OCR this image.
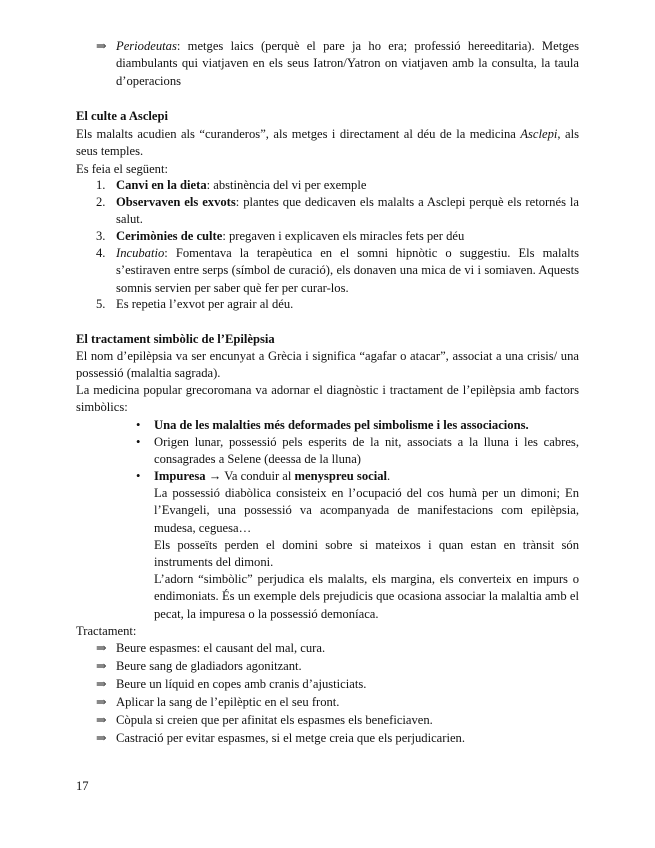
⇒ Periodeutas: metges laics (perquè el pare ja ho era; professió hereeditaria). Metges diambulants qui viatjaven en els seus Iatron/Yatron on viatjaven amb la consulta, la taula d’operacions
El culte a Asclepi
Els malalts acudien als “curanderos”, als metges i directament al déu de la medicina Asclepi, als seus temples.
Es feia el següent:
1. Canvi en la dieta: abstinència del vi per exemple
2. Observaven els exvots: plantes que dedicaven els malalts a Asclepi perquè els retornés la salut.
3. Cerimònies de culte: pregaven i explicaven els miracles fets per déu
4. Incubatio: Fomentava la terapèutica en el somni hipnòtic o suggestiu. Els malalts s’estiraven entre serps (símbol de curació), els donaven una mica de vi i somiaven. Aquests somnis servien per saber què fer per curar-los.
5. Es repetia l’exvot per agrair al déu.
El tractament simbòlic de l’Epilèpsia
El nom d’epilèpsia va ser encunyat a Grècia i significa “agafar o atacar”, associat a una crisis/ una possessió (malaltia sagrada).
La medicina popular grecoromana va adornar el diagnòstic i tractament de l’epilèpsia amb factors simbòlics:
•	Una de les malalties més deformades pel simbolisme i les associacions.
•	Origen lunar, possessió pels esperits de la nit, associats a la lluna i les cabres, consagrades a Selene (deessa de la lluna)
•	Impuresa → Va conduir al menyspreu social.
La possessió diabòlica consisteix en l’ocupació del cos humà per un dimoni; En l’Evangeli, una possessió va acompanyada de manifestacions com epilèpsia, mudesa, ceguesa…
Els posseïts perden el domini sobre si mateixos i quan estan en trànsit són instruments del dimoni.
L’adorn “simbòlic” perjudica els malalts, els margina, els converteix en impurs o endimoniats. És un exemple dels prejudicis que ocasiona associar la malaltia amb el pecat, la impuresa o la possessió demoníaca.
Tractament:
⇒ Beure espasmes: el causant del mal, cura.
⇒ Beure sang de gladiadors agonitzant.
⇒ Beure un líquid en copes amb cranis d’ajusticiats.
⇒ Aplicar la sang de l’epilèptic en el seu front.
⇒ Còpula si creien que per afinitat els espasmes els beneficiaven.
⇒ Castració per evitar espasmes, si el metge creia que els perjudicarien.
17
